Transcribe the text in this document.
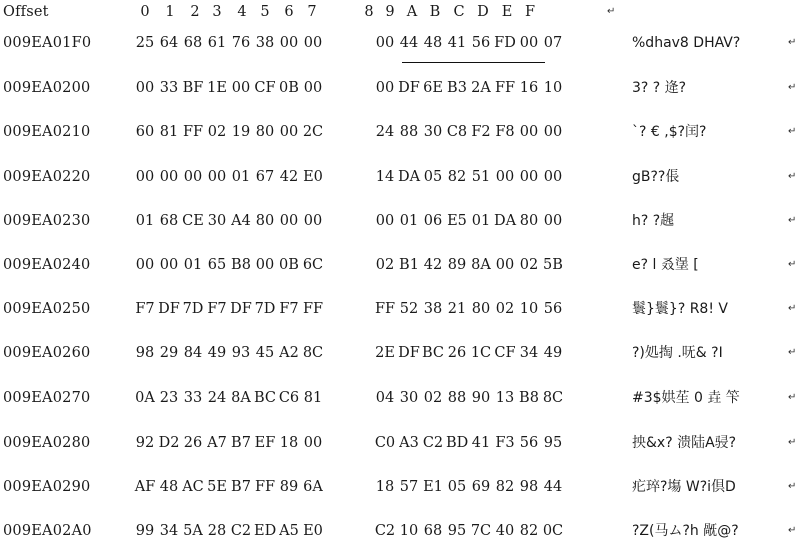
Offset	0 1 2 3 4 5 6 7	8 9 A B C D E F	↵
009EA01F0	25 64 68 61 76 38 00 00	00 44 48 41 56 FD 00 07	%dhav8 DHAV?	↵
009EA0200	00 33 BF 1E 00 CF 0B 00	00 DF 6E B3 2A FF 16 10	3? ? 逄?	↵
009EA0210	60 81 FF 02 19 80 00 2C	24 88 30 C8 F2 F8 00 00	`? € ,$?闰?	↵
009EA0220	00 00 00 00 01 67 42 E0	14 DA 05 82 51 00 00 00	gB??倀	↵
009EA0230	01 68 CE 30 A4 80 00 00	00 01 06 E5 01 DA 80 00	h? ?趘	↵
009EA0240	00 00 01 65 B8 00 0B 6C	02 B1 42 89 8A 00 02 5B	e? l 叒塣 [	↵
009EA0250	F7 DF 7D F7 DF 7D F7 FF	FF 52 38 21 80 02 10 56	鬟}鬟}? R8! V	↵
009EA0260	98 29 84 49 93 45 A2 8C	2E DF BC 26 1C CF 34 49	?)処掏 .呒& ?I	↵
009EA0270	0A 23 33 24 8A BC C6 81	04 30 02 88 90 13 B8 8C	#3$娂苼 0 垚 笇	↵
009EA0280	92 D2 26 A7 B7 EF 18 00	C0 A3 C2 BD 41 F3 56 95	抰&ⅹ? 溃陆A骎?	↵
009EA0290	AF 48 AC 5E B7 FF 89 6A	18 57 E1 05 69 82 98 44	疕琗?塲 W?i倶D	↵
009EA02A0	99 34 5A 28 C2 ED A5 E0	C2 10 68 95 7C 40 82 0C	?Z(马ム?h 旤@?	↵
